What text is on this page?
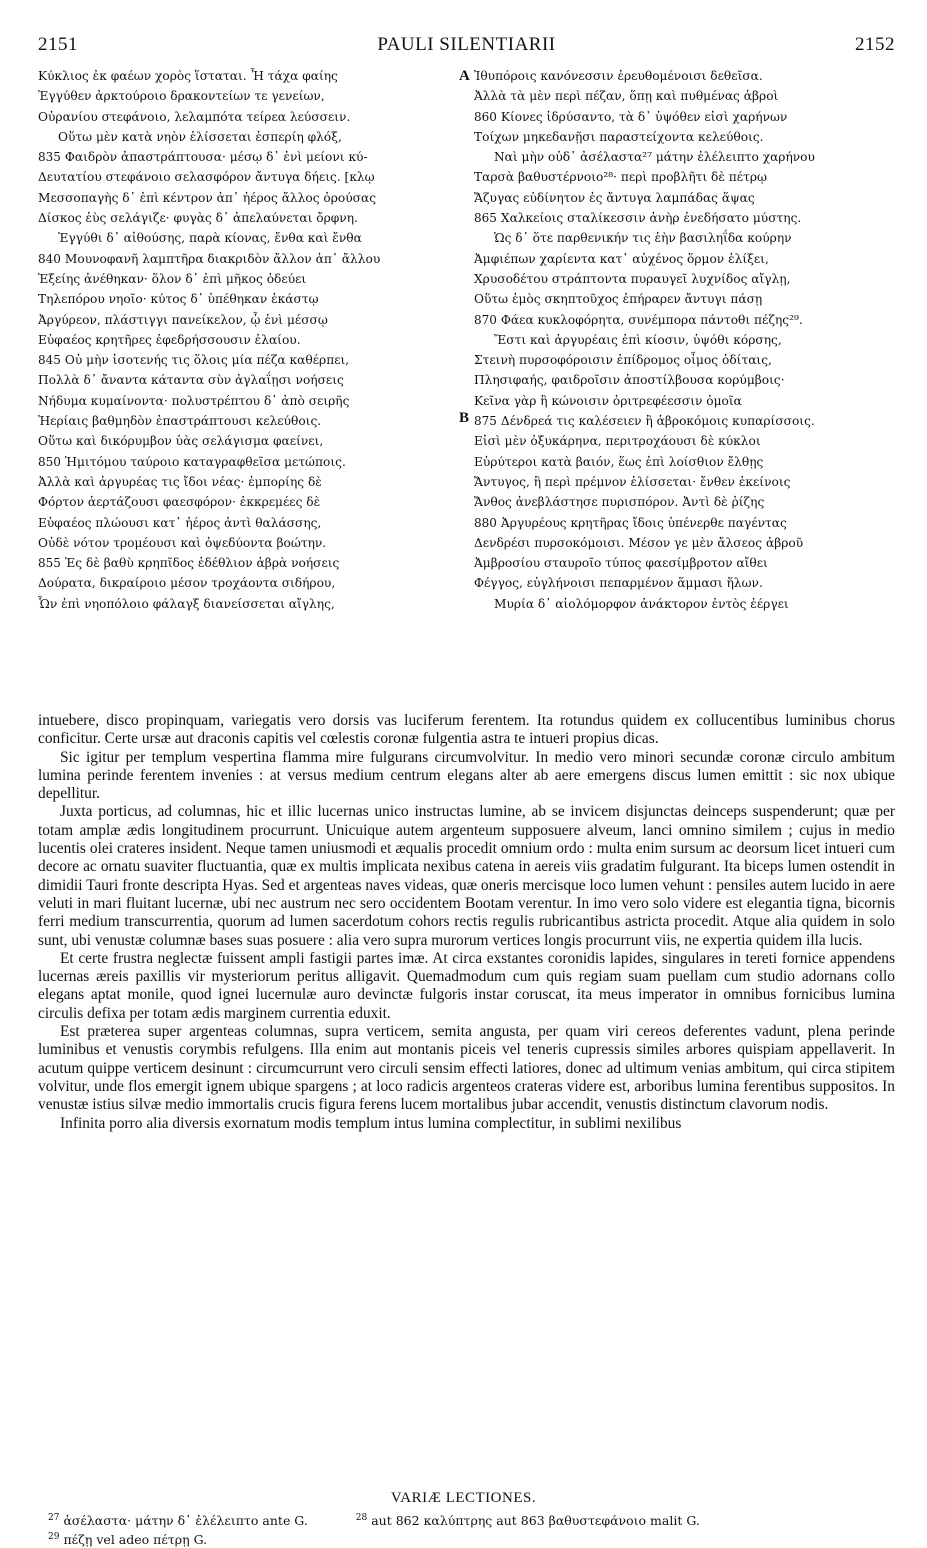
2151	PAULI SILENTIARII	2152
Κύκλιος ἐκ φαέων χορὸς ἵσταται. Ἦ τάχα φαίης
Ἐγγύθεν ἀρκτούροιο δρακοντείων τε γενείων,
Οὐρανίου στεφάνοιο, λελαμπότα τείρεα λεύσσειν.
Οὕτω μὲν κατὰ νηὸν ἑλίσσεται ἑσπερίη φλόξ,
835 Φαιδρὸν ἀπαστράπτουσα· μέσῳ δ᾽ ἐνὶ μείονι κύ-
Δευτατίου στεφάνοιο σελασφόρον ἄντυγα δήεις. [κλῳ
Μεσσοπαγὴς δ᾽ ἐπὶ κέντρον ἀπ᾽ ἠέρος ἄλλος ὀρούσας
Δίσκος ἐὺς σελάγιζε· φυγὰς δ᾽ ἀπελαύνεται ὄρφνη.
Ἐγγύθι δ᾽ αἰθούσης, παρὰ κίονας, ἔνθα καὶ ἔνθα
840 Μουνοφανῆ λαμπτῆρα διακριδὸν ἄλλον ἀπ᾽ ἄλλου
Ἑξείης ἀνέθηκαν· ὅλον δ᾽ ἐπὶ μῆκος ὁδεύει
Τηλεπόρου νηοῖο· κύτος δ᾽ ὑπέθηκαν ἑκάστῳ
Ἀργύρεον, πλάστιγγι πανείκελον, ᾧ ἐνὶ μέσσῳ
Εὐφαέος κρητῆρες ἐφεδρήσσουσιν ἐλαίου.
845 Οὐ μὴν ἰσοτενής τις ὅλοις μία πέζα καθέρπει,
Πολλὰ δ᾽ ἄναντα κάταντα σὺν ἀγλαΐῃσι νοήσεις
Νήδυμα κυμαίνοντα· πολυστρέπτου δ᾽ ἀπὸ σειρῆς
Ἠερίαις βαθμηδὸν ἐπαστράπτουσι κελεύθοις.
Οὕτω καὶ δικόρυμβον ὑὰς σελάγισμα φαείνει,
850 Ἡμιτόμου ταύροιο καταγραφθεῖσα μετώποις.
Ἀλλὰ καὶ ἀργυρέας τις ἴδοι νέας· ἐμπορίης δὲ
Φόρτον ἀερτάζουσι φαεσφόρον· ἐκκρεμέες δὲ
Εὐφαέος πλώουσι κατ᾽ ἠέρος ἀντὶ θαλάσσης,
Οὐδὲ νότον τρομέουσι καὶ ὀψεδύοντα βοώτην.
855 Ἐς δὲ βαθὺ κρηπῖδος ἐδέθλιον ἀβρὰ νοήσεις
Δούρατα, δικραίροιο μέσον τροχάοντα σιδήρου,
Ὧν ἐπὶ νηοπόλοιο φάλαγξ διανείσσεται αἴγλης,
A
B
Ἰθυπόροις κανόνεσσιν ἐρευθομένοισι δεθεῖσα.
Ἀλλὰ τὰ μὲν περὶ πέζαν, ὅπῃ καὶ πυθμένας ἁβροὶ
860 Κίονες ἱδρύσαντο, τὰ δ᾽ ὑψόθεν εἰσὶ χαρήνων
Τοίχων μηκεδανῇσι παραστείχοντα κελεύθοις.
Ναὶ μὴν οὐδ᾽ ἀσέλαστα²⁷ μάτην ἐλέλειπτο χαρήνου
Ταρσὰ βαθυστέρνοιο²⁸· περὶ προβλῆτι δὲ πέτρῳ
Ἄζυγας εὐδίνητον ἐς ἄντυγα λαμπάδας ἅψας
865 Χαλκείοις σταλίκεσσιν ἀνὴρ ἐνεδήσατο μύστης.
Ὡς δ᾽ ὅτε παρθενικήν τις ἑὴν βασιληΐδα κούρην
Ἀμφιέπων χαρίεντα κατ᾽ αὐχένος ὅρμον ἑλίξει,
Χρυσοδέτου στράπτοντα πυραυγεῖ λυχνίδος αἴγλῃ,
Οὕτω ἐμὸς σκηπτοῦχος ἐπήραρεν ἄντυγι πάσῃ
870 Φάεα κυκλοφόρητα, συνέμπορα πάντοθι πέζης²⁹.
Ἔστι καὶ ἀργυρέαις ἐπὶ κίοσιν, ὑψόθι κόρσης,
Στεινὴ πυρσοφόροισιν ἐπίδρομος οἶμος ὁδίταις,
Πλησιφαής, φαιδροῖσιν ἀποστίλβουσα κορύμβοις·
Κεῖνα γὰρ ἢ κώνοισιν ὀριτρεφέεσσιν ὁμοῖα
875 Δένδρεά τις καλέσειεν ἢ ἁβροκόμοις κυπαρίσσοις.
Εἰσὶ μὲν ὀξυκάρηνα, περιτροχάουσι δὲ κύκλοι
Εὐρύτεροι κατὰ βαιόν, ἕως ἐπὶ λοίσθιον ἔλθῃς
Ἄντυγος, ἣ περὶ πρέμνον ἑλίσσεται· ἔνθεν ἐκείνοις
Ἄνθος ἀνεβλάστησε πυρισπόρον. Ἀντὶ δὲ ῥίζης
880 Ἀργυρέους κρητῆρας ἴδοις ὑπένερθε παγέντας
Δενδρέσι πυρσοκόμοισι. Μέσον γε μὲν ἄλσεος ἁβροῦ
Ἀμβροσίου σταυροῖο τύπος φαεσίμβροτον αἴθει
Φέγγος, εὐγλήνοισι πεπαρμένον ἅμμασι ἥλων.
Μυρία δ᾽ αἰολόμορφον ἀνάκτορον ἐντὸς ἐέργει

intuebere, disco propinquam, variegatis vero dorsis vas luciferum ferentem. Ita rotundus quidem ex collucentibus luminibus chorus conficitur. Certe ursæ aut draconis capitis vel cœlestis coronæ fulgentia astra te intueri propius dicas.

Sic igitur per templum vespertina flamma mire fulgurans circumvolvitur. In medio vero minori secundæ coronæ circulo ambitum lumina perinde ferentem invenies : at versus medium centrum elegans alter ab aere emergens discus lumen emittit : sic nox ubique depellitur.

Juxta porticus, ad columnas, hic et illic lucernas unico instructas lumine, ab se invicem disjunctas deinceps suspenderunt; quæ per totam amplæ ædis longitudinem procurrunt. Unicuique autem argenteum supposuere alveum, lanci omnino similem ; cujus in medio lucentis olei crateres insident. Neque tamen uniusmodi et æqualis procedit omnium ordo : multa enim sursum ac deorsum licet intueri cum decore ac ornatu suaviter fluctuantia, quæ ex multis implicata nexibus catena in aereis viis gradatim fulgurant. Ita biceps lumen ostendit in dimidii Tauri fronte descripta Hyas. Sed et argenteas naves videas, quæ oneris mercisque loco lumen vehunt : pensiles autem lucido in aere veluti in mari fluitant lucernæ, ubi nec austrum nec sero occidentem Bootam verentur. In imo vero solo videre est elegantia tigna, bicornis ferri medium transcurrentia, quorum ad lumen sacerdotum cohors rectis regulis rubricantibus astricta procedit. Atque alia quidem in solo sunt, ubi venustæ columnæ bases suas posuere : alia vero supra murorum vertices longis procurrunt viis, ne expertia quidem illa lucis.

Et certe frustra neglectæ fuissent ampli fastigii partes imæ. At circa exstantes coronidis lapides, singulares in tereti fornice appendens lucernas æreis paxillis vir mysteriorum peritus alligavit. Quemadmodum cum quis regiam suam puellam cum studio adornans collo elegans aptat monile, quod ignei lucernulæ auro devinctæ fulgoris instar coruscat, ita meus imperator in omnibus fornicibus lumina circulis defixa per totam ædis marginem currentia eduxit.

Est præterea super argenteas columnas, supra verticem, semita angusta, per quam viri cereos deferentes vadunt, plena perinde luminibus et venustis corymbis refulgens. Illa enim aut montanis piceis vel teneris cupressis similes arbores quispiam appellaverit. In acutum quippe verticem desinunt : circumcurrunt vero circuli sensim effecti latiores, donec ad ultimum venias ambitum, qui circa stipitem volvitur, unde flos emergit ignem ubique spargens ; at loco radicis argenteos crateras videre est, arboribus lumina ferentibus suppositos. In venustæ istius silvæ medio immortalis crucis figura ferens lucem mortalibus jubar accendit, venustis distinctum clavorum nodis.

Infinita porro alia diversis exornatum modis templum intus lumina complectitur, in sublimi nexilibus

VARIÆ LECTIONES.
$^{27}$ ἀσέλαστα· μάτην δ᾽ ἐλέλειπτο ante G.	$^{28}$ aut 862 καλύπτρης aut 863 βαθυστεφάνοιο malit G.
$^{29}$ πέζῃ vel adeo πέτρῃ G.
